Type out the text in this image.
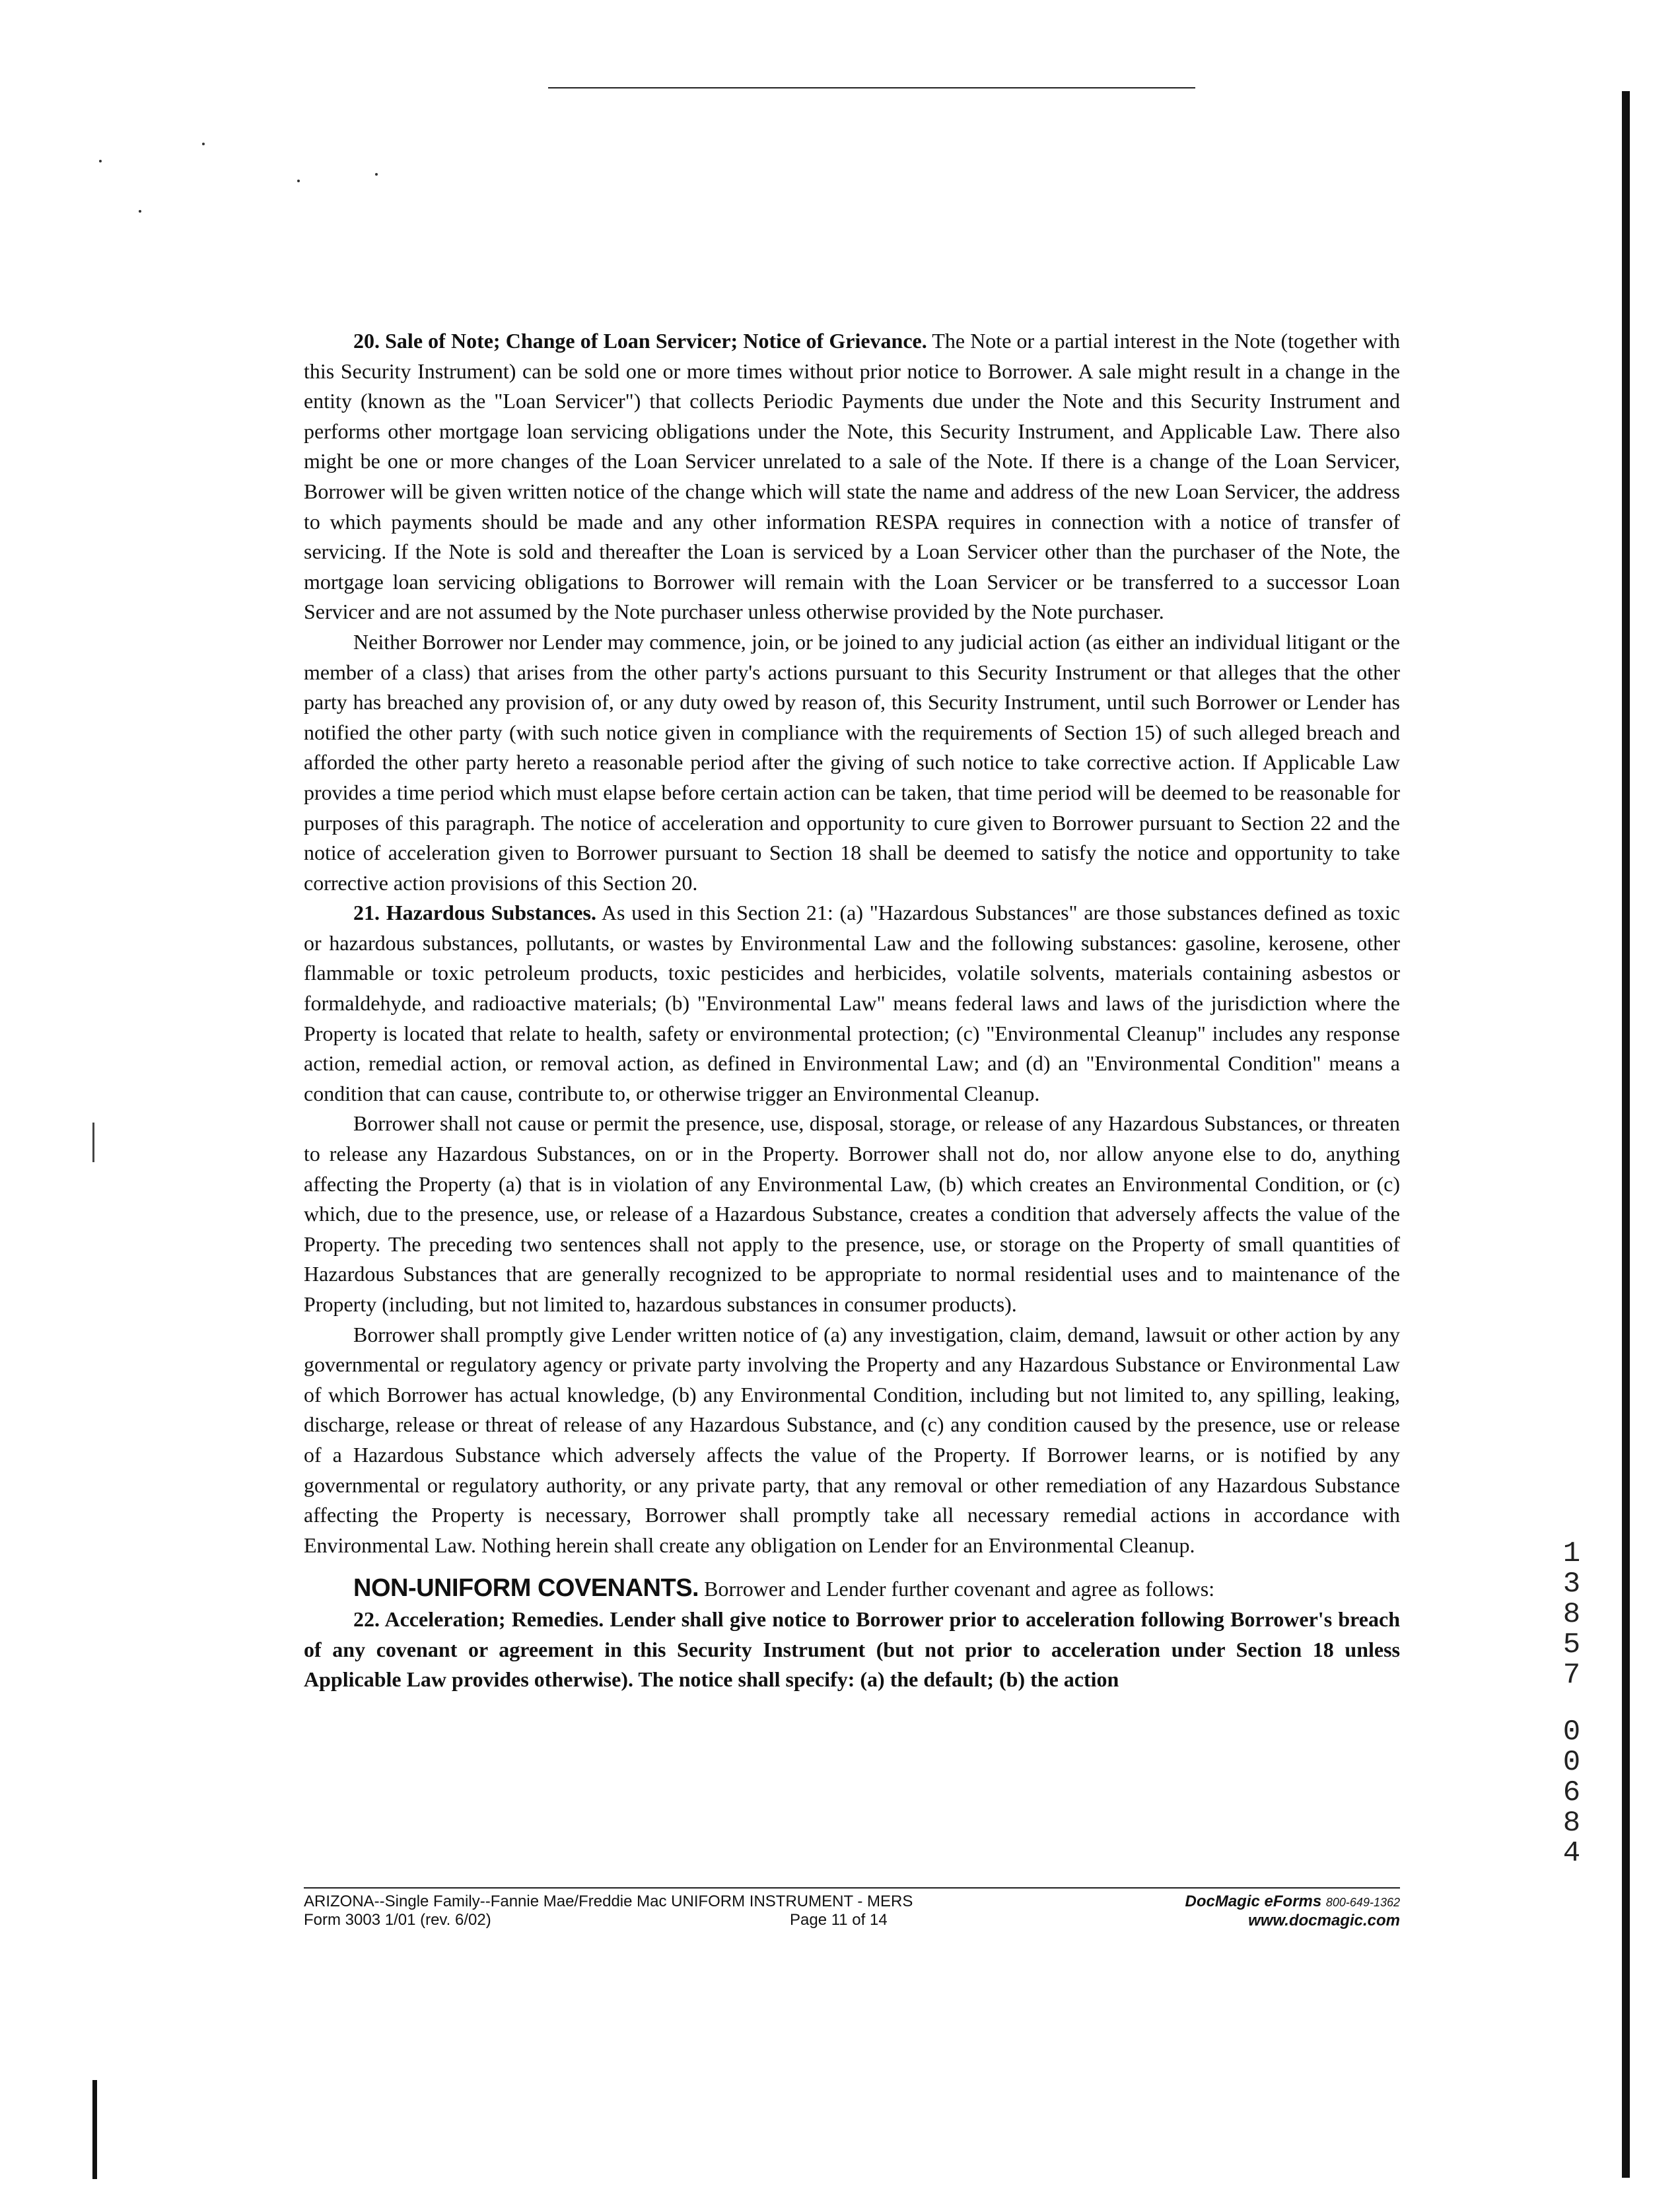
20. Sale of Note; Change of Loan Servicer; Notice of Grievance. The Note or a partial interest in the Note (together with this Security Instrument) can be sold one or more times without prior notice to Borrower. A sale might result in a change in the entity (known as the "Loan Servicer") that collects Periodic Payments due under the Note and this Security Instrument and performs other mortgage loan servicing obligations under the Note, this Security Instrument, and Applicable Law. There also might be one or more changes of the Loan Servicer unrelated to a sale of the Note. If there is a change of the Loan Servicer, Borrower will be given written notice of the change which will state the name and address of the new Loan Servicer, the address to which payments should be made and any other information RESPA requires in connection with a notice of transfer of servicing. If the Note is sold and thereafter the Loan is serviced by a Loan Servicer other than the purchaser of the Note, the mortgage loan servicing obligations to Borrower will remain with the Loan Servicer or be transferred to a successor Loan Servicer and are not assumed by the Note purchaser unless otherwise provided by the Note purchaser.

Neither Borrower nor Lender may commence, join, or be joined to any judicial action (as either an individual litigant or the member of a class) that arises from the other party's actions pursuant to this Security Instrument or that alleges that the other party has breached any provision of, or any duty owed by reason of, this Security Instrument, until such Borrower or Lender has notified the other party (with such notice given in compliance with the requirements of Section 15) of such alleged breach and afforded the other party hereto a reasonable period after the giving of such notice to take corrective action. If Applicable Law provides a time period which must elapse before certain action can be taken, that time period will be deemed to be reasonable for purposes of this paragraph. The notice of acceleration and opportunity to cure given to Borrower pursuant to Section 22 and the notice of acceleration given to Borrower pursuant to Section 18 shall be deemed to satisfy the notice and opportunity to take corrective action provisions of this Section 20.

21. Hazardous Substances. As used in this Section 21: (a) "Hazardous Substances" are those substances defined as toxic or hazardous substances, pollutants, or wastes by Environmental Law and the following substances: gasoline, kerosene, other flammable or toxic petroleum products, toxic pesticides and herbicides, volatile solvents, materials containing asbestos or formaldehyde, and radioactive materials; (b) "Environmental Law" means federal laws and laws of the jurisdiction where the Property is located that relate to health, safety or environmental protection; (c) "Environmental Cleanup" includes any response action, remedial action, or removal action, as defined in Environmental Law; and (d) an "Environmental Condition" means a condition that can cause, contribute to, or otherwise trigger an Environmental Cleanup.

Borrower shall not cause or permit the presence, use, disposal, storage, or release of any Hazardous Substances, or threaten to release any Hazardous Substances, on or in the Property. Borrower shall not do, nor allow anyone else to do, anything affecting the Property (a) that is in violation of any Environmental Law, (b) which creates an Environmental Condition, or (c) which, due to the presence, use, or release of a Hazardous Substance, creates a condition that adversely affects the value of the Property. The preceding two sentences shall not apply to the presence, use, or storage on the Property of small quantities of Hazardous Substances that are generally recognized to be appropriate to normal residential uses and to maintenance of the Property (including, but not limited to, hazardous substances in consumer products).

Borrower shall promptly give Lender written notice of (a) any investigation, claim, demand, lawsuit or other action by any governmental or regulatory agency or private party involving the Property and any Hazardous Substance or Environmental Law of which Borrower has actual knowledge, (b) any Environmental Condition, including but not limited to, any spilling, leaking, discharge, release or threat of release of any Hazardous Substance, and (c) any condition caused by the presence, use or release of a Hazardous Substance which adversely affects the value of the Property. If Borrower learns, or is notified by any governmental or regulatory authority, or any private party, that any removal or other remediation of any Hazardous Substance affecting the Property is necessary, Borrower shall promptly take all necessary remedial actions in accordance with Environmental Law. Nothing herein shall create any obligation on Lender for an Environmental Cleanup.

NON-UNIFORM COVENANTS. Borrower and Lender further covenant and agree as follows:

22. Acceleration; Remedies. Lender shall give notice to Borrower prior to acceleration following Borrower's breach of any covenant or agreement in this Security Instrument (but not prior to acceleration under Section 18 unless Applicable Law provides otherwise). The notice shall specify: (a) the default; (b) the action

1
3
8
5
7
0
0
6
8
4
ARIZONA--Single Family--Fannie Mae/Freddie Mac UNIFORM INSTRUMENT - MERS
Form 3003 1/01 (rev. 6/02)	Page 11 of 14
DocMagic eForms 800-649-1362
www.docmagic.com
